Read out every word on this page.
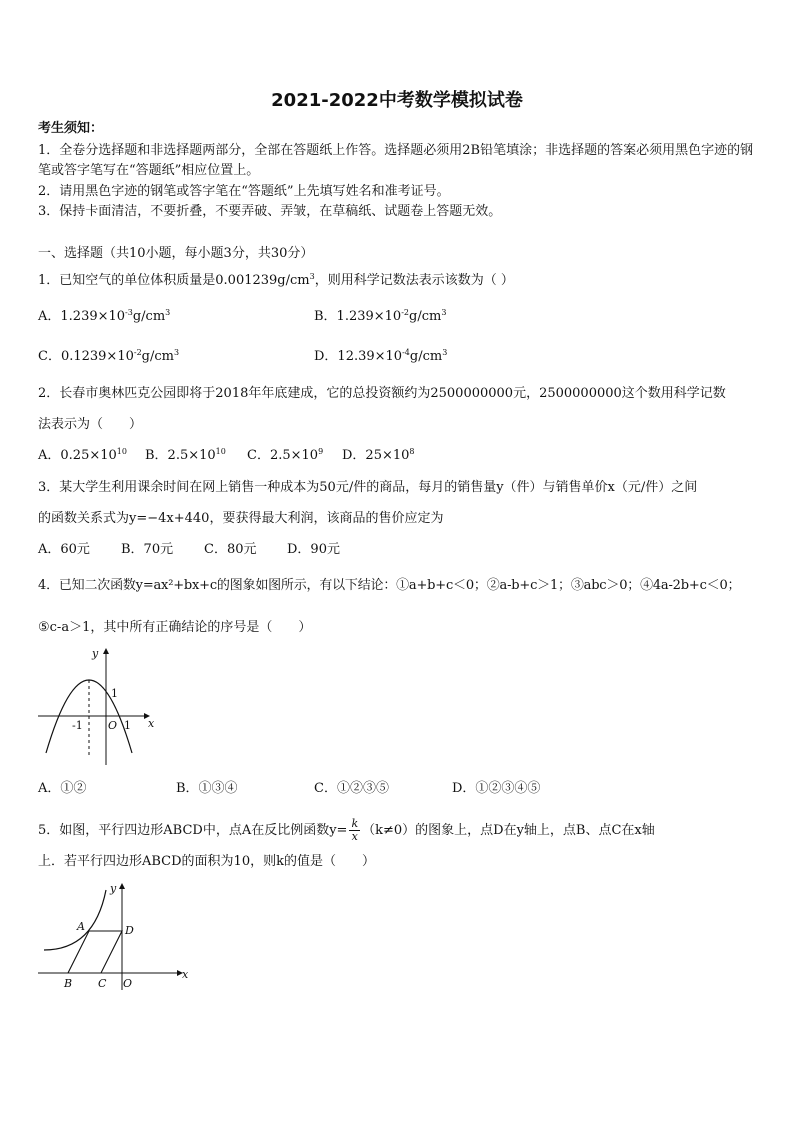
2021-2022中考数学模拟试卷
考生须知：
1．全卷分选择题和非选择题两部分，全部在答题纸上作答。选择题必须用2B铅笔填涂；非选择题的答案必须用黑色字迹的钢笔或答字笔写在“答题纸”相应位置上。
2．请用黑色字迹的钢笔或答字笔在“答题纸”上先填写姓名和准考证号。
3．保持卡面清洁，不要折叠，不要弄破、弄皱，在草稿纸、试题卷上答题无效。
一、选择题（共10小题，每小题3分，共30分）
1．已知空气的单位体积质量是$0.001239g/cm^3$，则用科学记数法表示该数为（ ）
A．$1.239\times 10^{-3}g/cm^3$	B．$1.239\times 10^{-2}g/cm^3$
C．$0.1239\times 10^{-2}g/cm^3$	D．$12.39\times 10^{-4}g/cm^3$
2．长春市奥林匹克公园即将于2018年年底建成，它的总投资额约为2500000000元，2500000000这个数用科学记数
法表示为（　　）
A．$0.25\times 10^{10}$ B．$2.5\times 10^{10}$ C．$2.5\times 10^9$ D．$25\times 10^8$
3．某大学生利用课余时间在网上销售一种成本为50元/件的商品，每月的销售量y（件）与销售单价x（元/件）之间
的函数关系式为y=−4x+440，要获得最大利润，该商品的售价应定为
A．60元 B．70元 C．80元 D．90元
4．已知二次函数y=ax²+bx+c的图象如图所示，有以下结论：①a+b+c＜0；②a-b+c＞1；③abc＞0；④4a-2b+c＜0；
⑤c-a＞1，其中所有正确结论的序号是（　　）
y
1
x
O
-1	1
A．①②	B．①③④	C．①②③⑤	D．①②③④⑤
5．如图，平行四边形ABCD中，点A在反比例函数$y= \frac{k}{x} (k\ne 0)$的图象上，点D在y轴上，点B、点C在x轴
上．若平行四边形ABCD的面积为10，则k的值是（　　）
y
A	D
x
B C O
